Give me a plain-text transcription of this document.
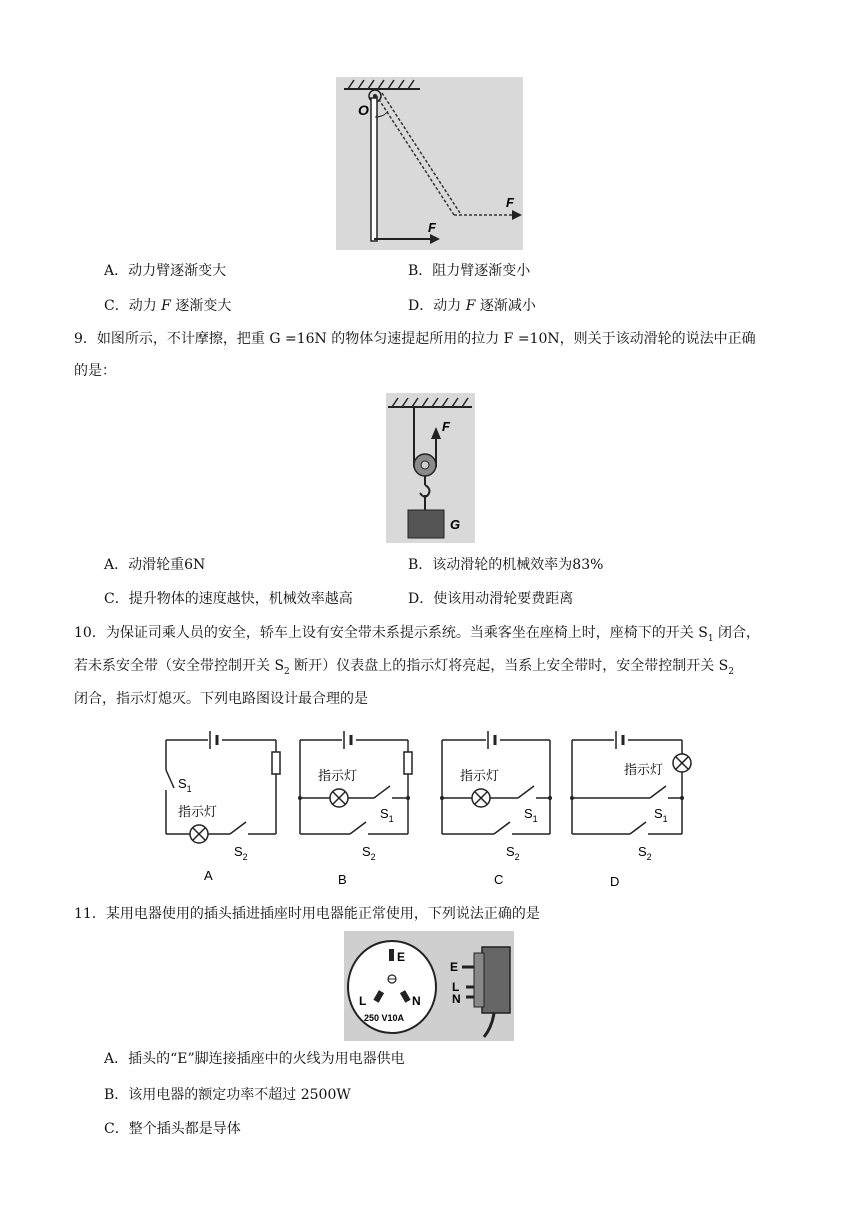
O
F
F
A．动力臂逐渐变大	B．阻力臂逐渐变小
C．动力 F 逐渐变大	D．动力 F 逐渐减小
9．如图所示，不计摩擦，把重 G =16N 的物体匀速提起所用的拉力 F =10N，则关于该动滑轮的说法中正确
的是：
F
G
A．动滑轮重6N	B．该动滑轮的机械效率为83%
C．提升物体的速度越快，机械效率越高	D．使该用动滑轮要费距离
10．为保证司乘人员的安全，轿车上设有安全带未系提示系统。当乘客坐在座椅上时，座椅下的开关 $S_1$ 闭合，
若未系安全带（安全带控制开关 $S_2$ 断开）仪表盘上的指示灯将亮起，当系上安全带时，安全带控制开关 $S_2$
闭合，指示灯熄灭。下列电路图设计最合理的是
$S_1$
指示灯
$S_2$
A
指示灯
$S_1$
$S_2$
B
指示灯
$S_1$
$S_2$
C
指示灯
$S_1$
$S_2$
D
11．某用电器使用的插头插进插座时用电器能正常使用，下列说法正确的是
E
L	N
250 V10A
E
L
N
A．插头的“E”脚连接插座中的火线为用电器供电
B．该用电器的额定功率不超过 2500W
C．整个插头都是导体
